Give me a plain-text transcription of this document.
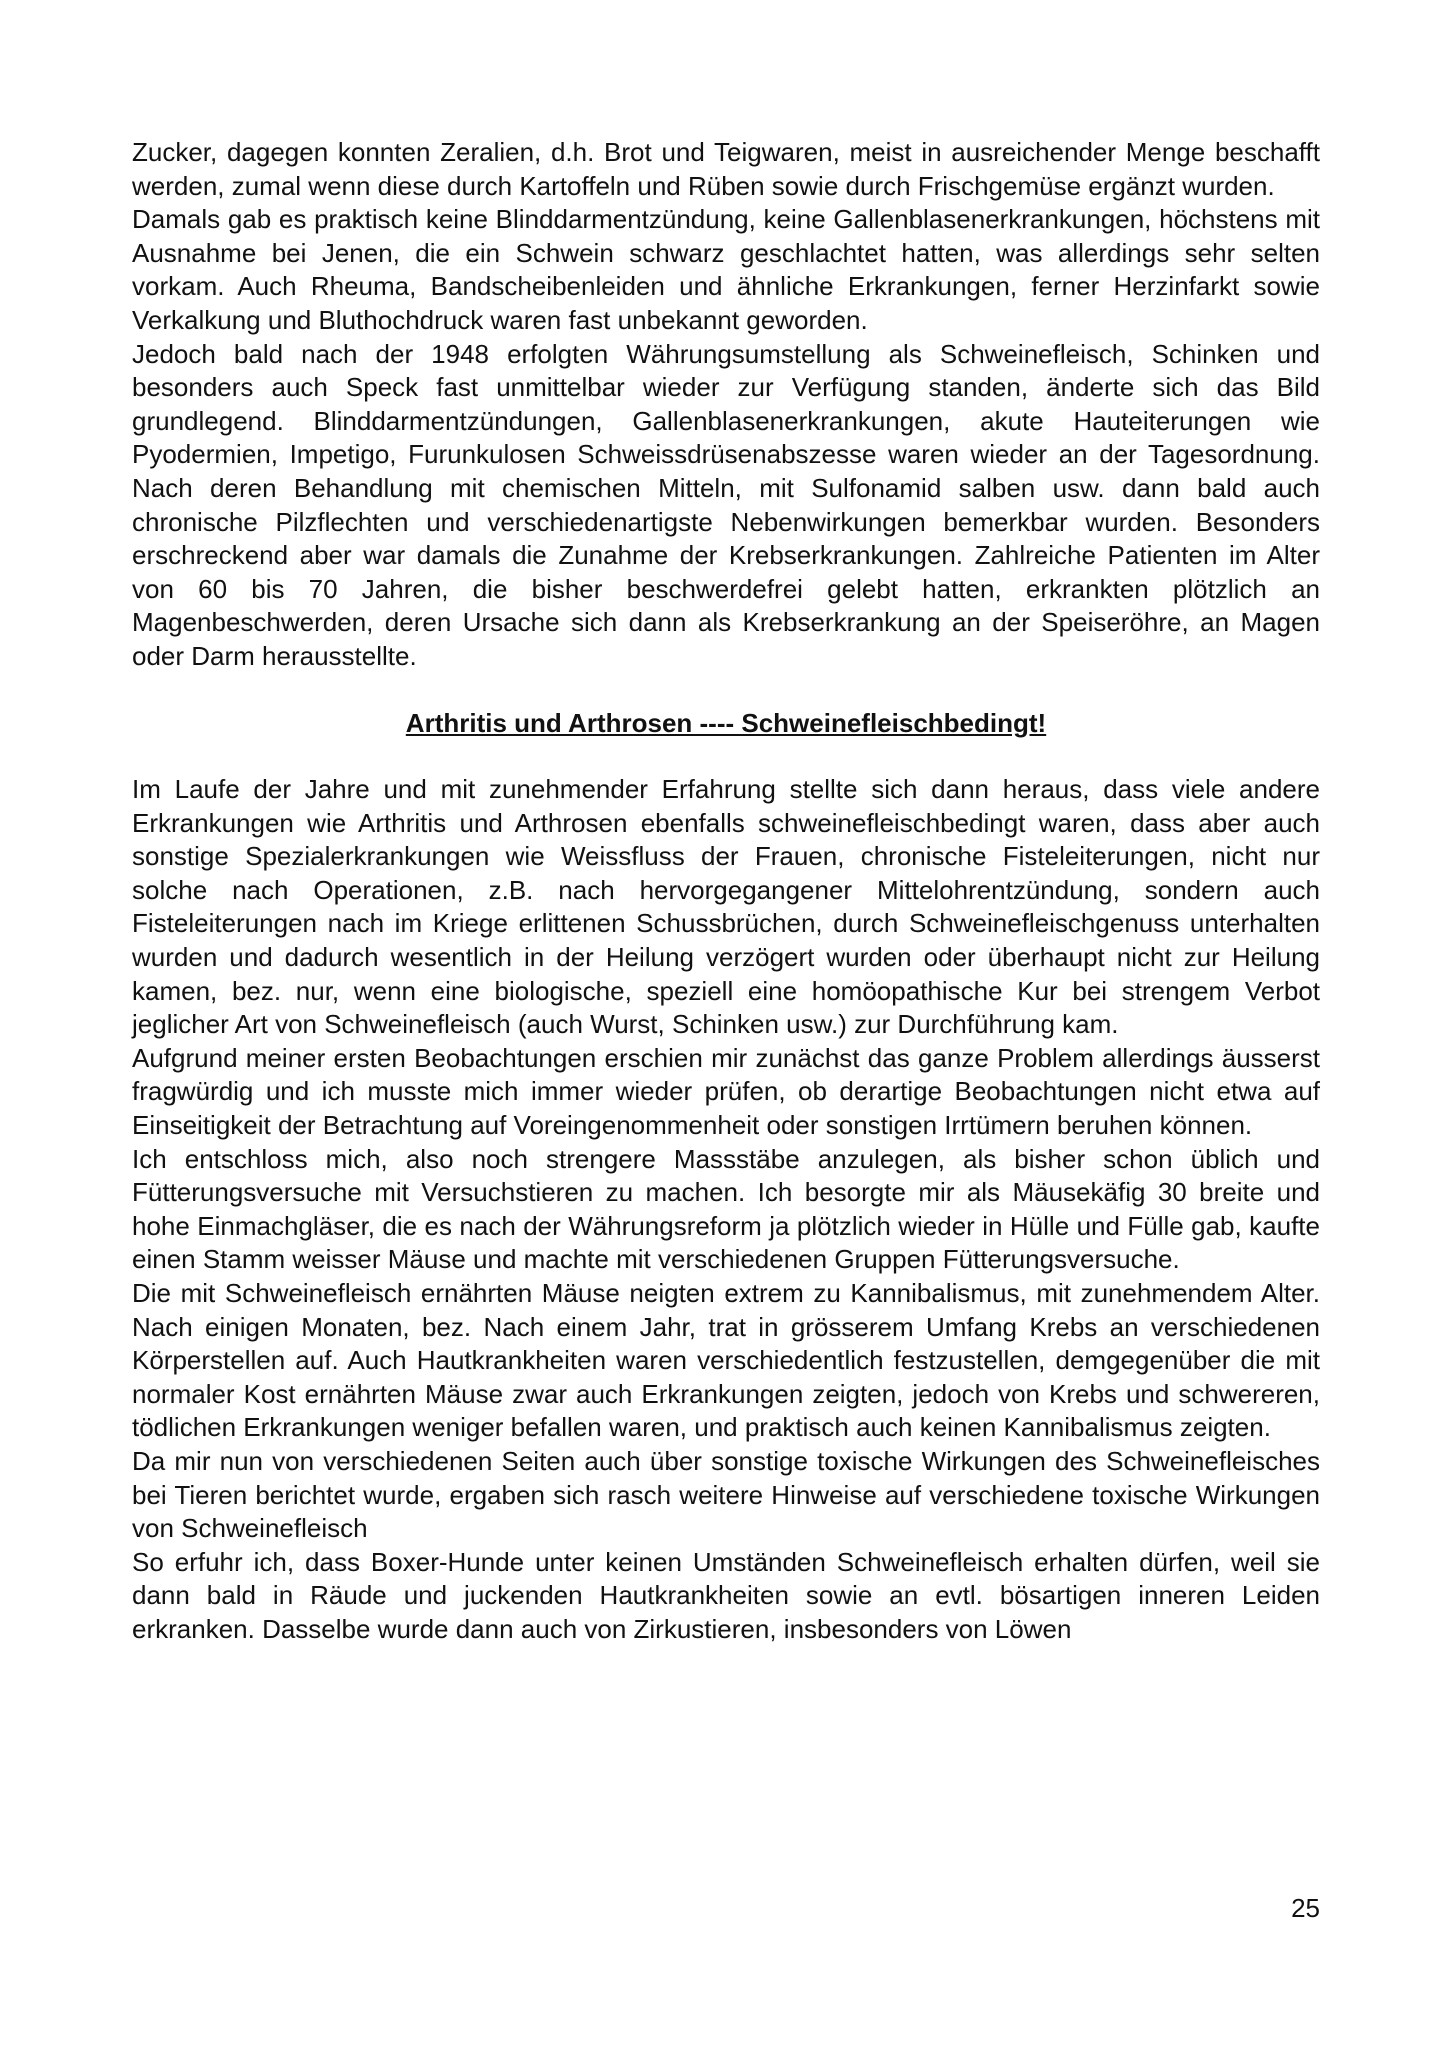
Zucker, dagegen konnten Zeralien, d.h. Brot und Teigwaren, meist in ausreichender Menge beschafft werden, zumal wenn diese durch Kartoffeln und Rüben sowie durch Frischgemüse ergänzt wurden.

Damals gab es praktisch keine Blinddarmentzündung, keine Gallenblasenerkrankungen, höchstens mit Ausnahme bei Jenen, die ein Schwein schwarz geschlachtet hatten, was allerdings sehr selten vorkam. Auch Rheuma, Bandscheibenleiden und ähnliche Erkrankungen, ferner Herzinfarkt sowie Verkalkung und Bluthochdruck waren fast unbekannt geworden.

Jedoch bald nach der 1948 erfolgten Währungsumstellung als Schweinefleisch, Schinken und besonders auch Speck fast unmittelbar wieder zur Verfügung standen, änderte sich das Bild grundlegend. Blinddarmentzündungen, Gallenblasenerkrankungen, akute Hauteiterungen wie Pyodermien, Impetigo, Furunkulosen Schweissdrüsenabszesse waren wieder an der Tagesordnung. Nach deren Behandlung mit chemischen Mitteln, mit Sulfonamid salben usw. dann bald auch chronische Pilzflechten und verschiedenartigste Nebenwirkungen bemerkbar wurden. Besonders erschreckend aber war damals die Zunahme der Krebserkrankungen. Zahlreiche Patienten im Alter von 60 bis 70 Jahren, die bisher beschwerdefrei gelebt hatten, erkrankten plötzlich an Magenbeschwerden, deren Ursache sich dann als Krebserkrankung an der Speiseröhre, an Magen oder Darm herausstellte.

Arthritis und Arthrosen ---- Schweinefleischbedingt!

Im Laufe der Jahre und mit zunehmender Erfahrung stellte sich dann heraus, dass viele andere Erkrankungen wie Arthritis und Arthrosen ebenfalls schweinefleischbedingt waren, dass aber auch sonstige Spezialerkrankungen wie Weissfluss der Frauen, chronische Fisteleiterungen, nicht nur solche nach Operationen, z.B. nach hervorgegangener Mittelohrentzündung, sondern auch Fisteleiterungen nach im Kriege erlittenen Schussbrüchen, durch Schweinefleischgenuss unterhalten wurden und dadurch wesentlich in der Heilung verzögert wurden oder überhaupt nicht zur Heilung kamen, bez. nur, wenn eine biologische, speziell eine homöopathische Kur bei strengem Verbot jeglicher Art von Schweinefleisch (auch Wurst, Schinken usw.) zur Durchführung kam.

Aufgrund meiner ersten Beobachtungen erschien mir zunächst das ganze Problem allerdings äusserst fragwürdig und ich musste mich immer wieder prüfen, ob derartige Beobachtungen nicht etwa auf Einseitigkeit der Betrachtung auf Voreingenommenheit oder sonstigen Irrtümern beruhen können.

Ich entschloss mich, also noch strengere Massstäbe anzulegen, als bisher schon üblich und Fütterungsversuche mit Versuchstieren zu machen. Ich besorgte mir als Mäusekäfig 30 breite und hohe Einmachgläser, die es nach der Währungsreform ja plötzlich wieder in Hülle und Fülle gab, kaufte einen Stamm weisser Mäuse und machte mit verschiedenen Gruppen Fütterungsversuche.

Die mit Schweinefleisch ernährten Mäuse neigten extrem zu Kannibalismus, mit zunehmendem Alter. Nach einigen Monaten, bez. Nach einem Jahr, trat in grösserem Umfang Krebs an verschiedenen Körperstellen auf. Auch Hautkrankheiten waren verschiedentlich festzustellen, demgegenüber die mit normaler Kost ernährten Mäuse zwar auch Erkrankungen zeigten, jedoch von Krebs und schwereren, tödlichen Erkrankungen weniger befallen waren, und praktisch auch keinen Kannibalismus zeigten.

Da mir nun von verschiedenen Seiten auch über sonstige toxische Wirkungen des Schweinefleisches bei Tieren berichtet wurde, ergaben sich rasch weitere Hinweise auf verschiedene toxische Wirkungen von Schweinefleisch

So erfuhr ich, dass Boxer-Hunde unter keinen Umständen Schweinefleisch erhalten dürfen, weil sie dann bald in Räude und juckenden Hautkrankheiten sowie an evtl. bösartigen inneren Leiden erkranken. Dasselbe wurde dann auch von Zirkustieren, insbesonders von Löwen

25
